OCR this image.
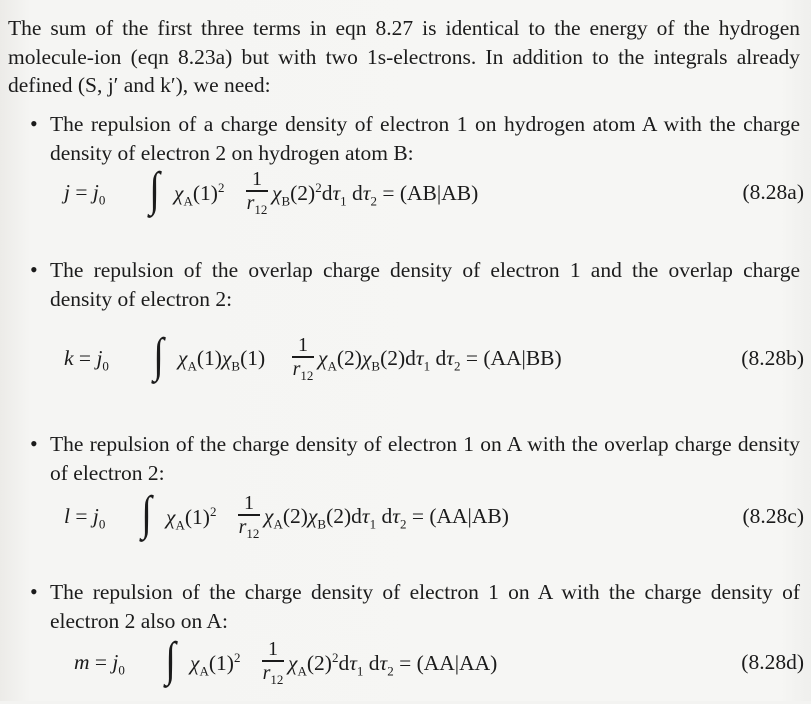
The sum of the first three terms in eqn 8.27 is identical to the energy of the hydrogen molecule-ion (eqn 8.23a) but with two 1s-electrons. In addition to the integrals already defined (S, j′ and k′), we need:

• The repulsion of a charge density of electron 1 on hydrogen atom A with the charge density of electron 2 on hydrogen atom B:

$j = j_0$ ∫ $\chi_A(1)^2$	1
$r_{12}$
$\chi_B(2)^2d\tau_1$ $d\tau_2 = (AB|AB)$	(8.28a)
• The repulsion of the overlap charge density of electron 1 and the overlap charge density of electron 2:

$k = j_0$ ∫ $\chi_A(1)\chi_B(1)$
1
$r_{12}$
$\chi_A(2)\chi_B(2)d\tau_1$ $d\tau_2 = (AA|BB)$	(8.28b)
• The repulsion of the charge density of electron 1 on A with the overlap charge density of electron 2:

$l = j_0$ ∫ $\chi_A(1)^2$	1
$r_{12}$
$\chi_A(2)\chi_B(2)d\tau_1$ $d\tau_2 = (AA|AB)$	(8.28c)
• The repulsion of the charge density of electron 1 on A with the charge density of electron 2 also on A:

$m = j_0$ ∫ $\chi_A(1)^2$	1
$r_{12}$
$\chi_A(2)^2d\tau_1$ $d\tau_2 = (AA|AA)$	(8.28d)
